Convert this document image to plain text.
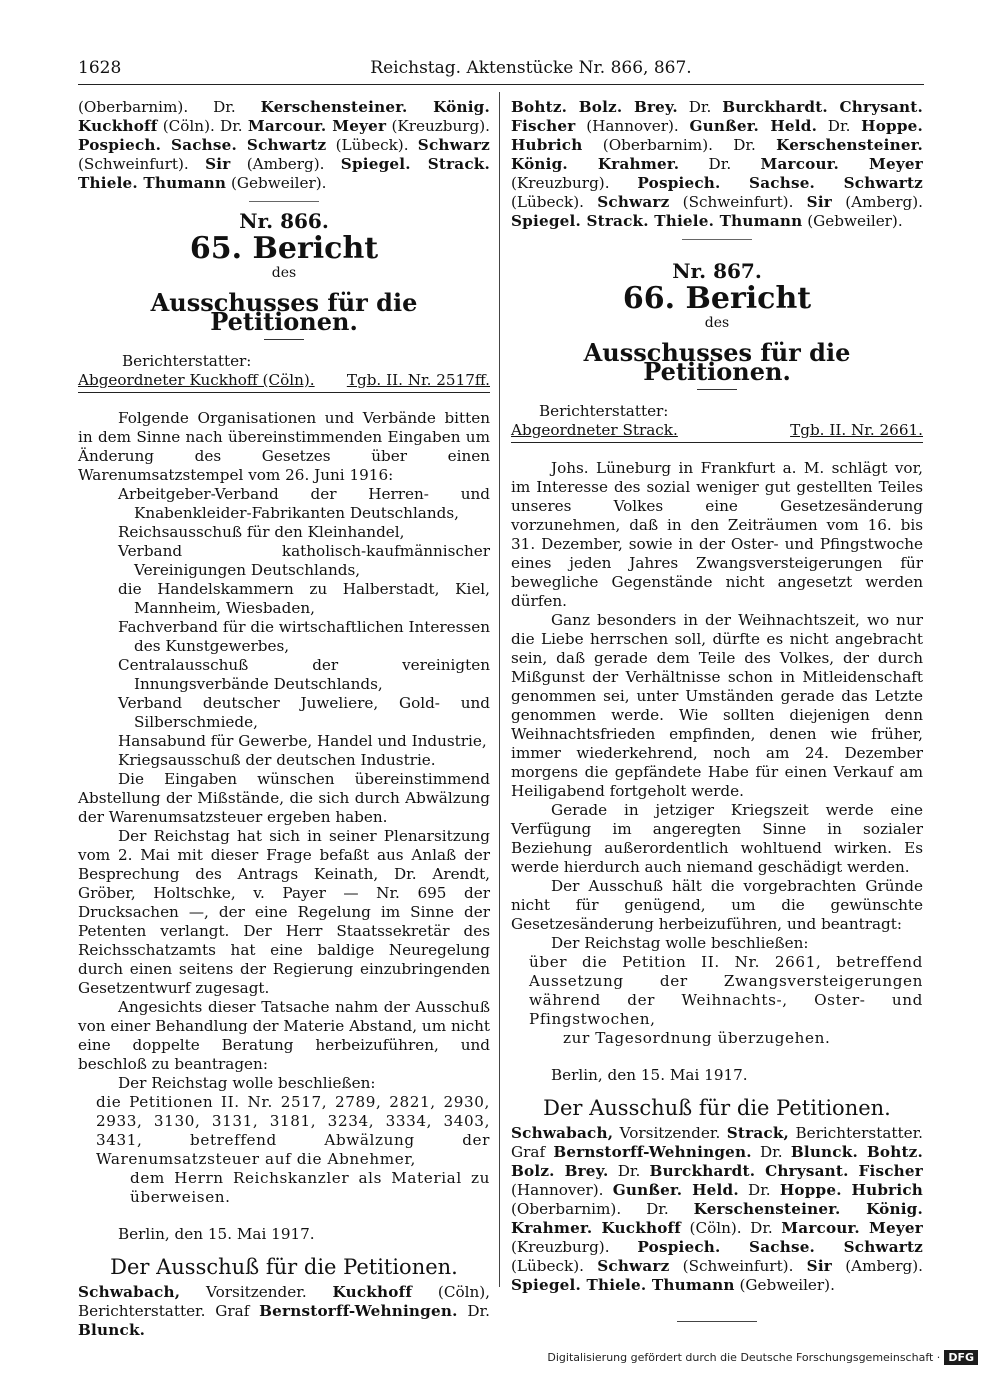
1628	Reichstag. Aktenstücke Nr. 866, 867.
(Oberbarnim). Dr. Kerschensteiner. König. Kuckhoff (Cöln). Dr. Marcour. Meyer (Kreuzburg). Pospiech. Sachse. Schwartz (Lübeck). Schwarz (Schweinfurt). Sir (Amberg). Spiegel. Strack. Thiele. Thumann (Gebweiler).
Nr. 866.
65. Bericht
des
Ausschusses für die Petitionen.
Berichterstatter:
Abgeordneter Kuckhoff (Cöln). Tgb. II. Nr. 2517ff.

Folgende Organisationen und Verbände bitten in dem Sinne nach übereinstimmenden Eingaben um Änderung des Gesetzes über einen Warenumsatzstempel vom 26. Juni 1916:

Arbeitgeber-Verband der Herren- und Knabenkleider-Fabrikanten Deutschlands,
Reichsausschuß für den Kleinhandel,
Verband katholisch-kaufmännischer Vereinigungen Deutschlands,
die Handelskammern zu Halberstadt, Kiel, Mannheim, Wiesbaden,
Fachverband für die wirtschaftlichen Interessen des Kunstgewerbes,
Centralausschuß der vereinigten Innungsverbände Deutschlands,
Verband deutscher Juweliere, Gold- und Silberschmiede,
Hansabund für Gewerbe, Handel und Industrie,
Kriegsausschuß der deutschen Industrie.

Die Eingaben wünschen übereinstimmend Abstellung der Mißstände, die sich durch Abwälzung der Warenumsatzsteuer ergeben haben.

Der Reichstag hat sich in seiner Plenarsitzung vom 2. Mai mit dieser Frage befaßt aus Anlaß der Besprechung des Antrags Keinath, Dr. Arendt, Gröber, Holtschke, v. Payer — Nr. 695 der Drucksachen —, der eine Regelung im Sinne der Petenten verlangt. Der Herr Staatssekretär des Reichsschatzamts hat eine baldige Neuregelung durch einen seitens der Regierung einzubringenden Gesetzentwurf zugesagt.

Angesichts dieser Tatsache nahm der Ausschuß von einer Behandlung der Materie Abstand, um nicht eine doppelte Beratung herbeizuführen, und beschloß zu beantragen:

Der Reichstag wolle beschließen:
die Petitionen II. Nr. 2517, 2789, 2821, 2930, 2933, 3130, 3131, 3181, 3234, 3334, 3403, 3431, betreffend Abwälzung der Warenumsatzsteuer auf die Abnehmer,
dem Herrn Reichskanzler als Material zu überweisen.
Berlin, den 15. Mai 1917.
Der Ausschuß für die Petitionen.
Schwabach, Vorsitzender. Kuckhoff (Cöln), Berichterstatter. Graf Bernstorff-Wehningen. Dr. Blunck.
Bohtz. Bolz. Brey. Dr. Burckhardt. Chrysant. Fischer (Hannover). Gunßer. Held. Dr. Hoppe. Hubrich (Oberbarnim). Dr. Kerschensteiner. König. Krahmer. Dr. Marcour. Meyer (Kreuzburg). Pospiech. Sachse. Schwartz (Lübeck). Schwarz (Schweinfurt). Sir (Amberg). Spiegel. Strack. Thiele. Thumann (Gebweiler).
Nr. 867.
66. Bericht
des
Ausschusses für die Petitionen.
Berichterstatter:
Abgeordneter Strack.	Tgb. II. Nr. 2661.

Johs. Lüneburg in Frankfurt a. M. schlägt vor, im Interesse des sozial weniger gut gestellten Teiles unseres Volkes eine Gesetzesänderung vorzunehmen, daß in den Zeiträumen vom 16. bis 31. Dezember, sowie in der Oster- und Pfingstwoche eines jeden Jahres Zwangsversteigerungen für bewegliche Gegenstände nicht angesetzt werden dürfen.

Ganz besonders in der Weihnachtszeit, wo nur die Liebe herrschen soll, dürfte es nicht angebracht sein, daß gerade dem Teile des Volkes, der durch Mißgunst der Verhältnisse schon in Mitleidenschaft genommen sei, unter Umständen gerade das Letzte genommen werde. Wie sollten diejenigen denn Weihnachtsfrieden empfinden, denen wie früher, immer wiederkehrend, noch am 24. Dezember morgens die gepfändete Habe für einen Verkauf am Heiligabend fortgeholt werde.

Gerade in jetziger Kriegszeit werde eine Verfügung im angeregten Sinne in sozialer Beziehung außerordentlich wohltuend wirken. Es werde hierdurch auch niemand geschädigt werden.

Der Ausschuß hält die vorgebrachten Gründe nicht für genügend, um die gewünschte Gesetzesänderung herbeizuführen, und beantragt:

Der Reichstag wolle beschließen:
über die Petition II. Nr. 2661, betreffend Aussetzung der Zwangsversteigerungen während der Weihnachts-, Oster- und Pfingstwochen,
zur Tagesordnung überzugehen.
Berlin, den 15. Mai 1917.
Der Ausschuß für die Petitionen.
Schwabach, Vorsitzender. Strack, Berichterstatter. Graf Bernstorff-Wehningen. Dr. Blunck. Bohtz. Bolz. Brey. Dr. Burckhardt. Chrysant. Fischer (Hannover). Gunßer. Held. Dr. Hoppe. Hubrich (Oberbarnim). Dr. Kerschensteiner. König. Krahmer. Kuckhoff (Cöln). Dr. Marcour. Meyer (Kreuzburg). Pospiech. Sachse. Schwartz (Lübeck). Schwarz (Schweinfurt). Sir (Amberg). Spiegel. Thiele. Thumann (Gebweiler).
Digitalisierung gefördert durch die Deutsche Forschungsgemeinschaft · DFG
